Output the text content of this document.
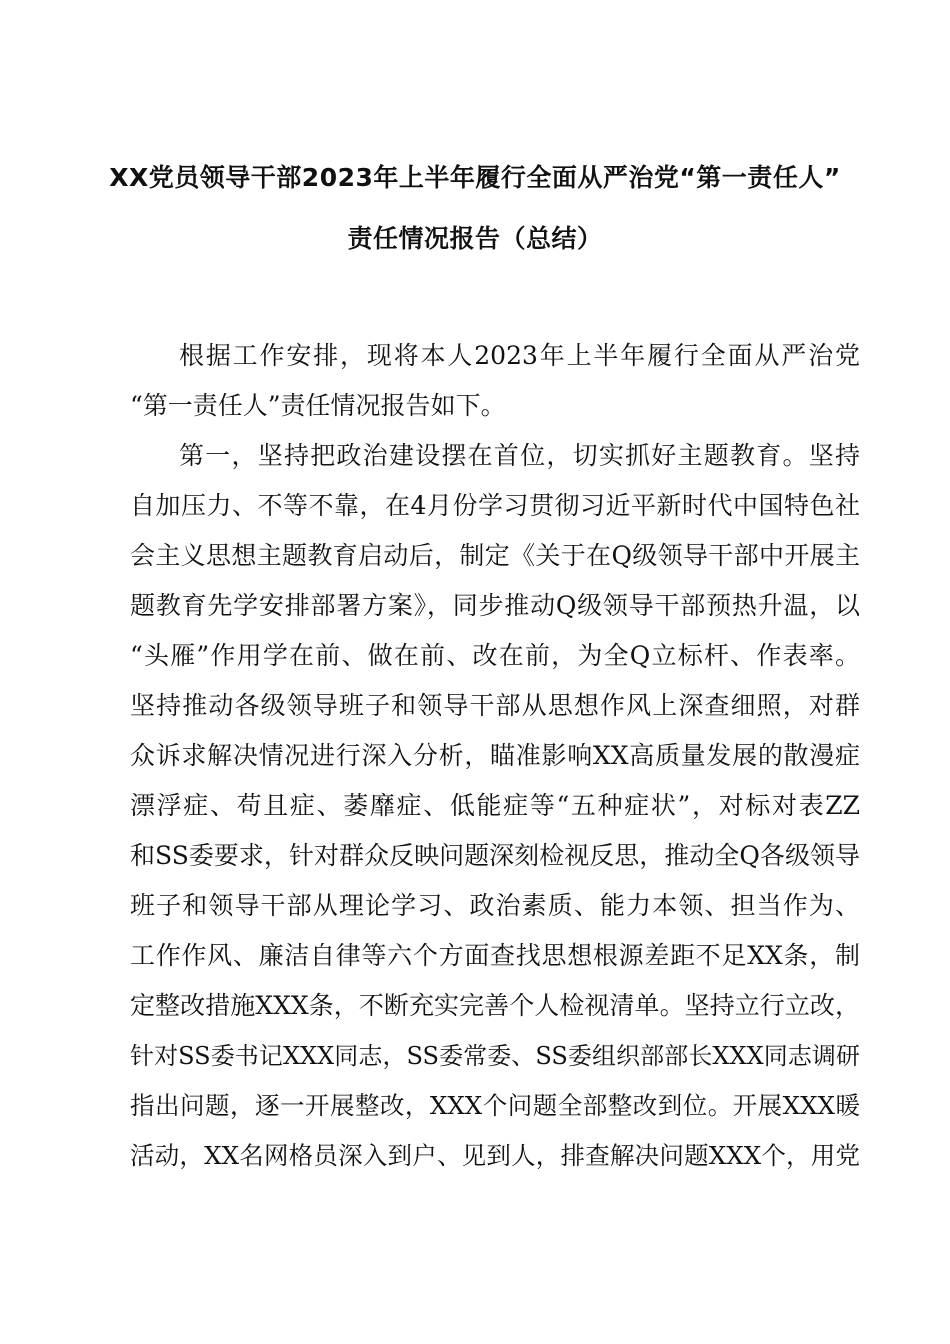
XX党员领导干部2023年上半年履行全面从严治党“第一责任人”
责任情况报告（总结）
根据工作安排，现将本人2023年上半年履行全面从严治党
“第一责任人”责任情况报告如下。
第一，坚持把政治建设摆在首位，切实抓好主题教育。坚持
自加压力、不等不靠，在4月份学习贯彻习近平新时代中国特色社
会主义思想主题教育启动后，制定《关于在Q级领导干部中开展主
题教育先学安排部署方案》，同步推动Q级领导干部预热升温，以
“头雁”作用学在前、做在前、改在前，为全Q立标杆、作表率。
坚持推动各级领导班子和领导干部从思想作风上深查细照，对群
众诉求解决情况进行深入分析，瞄准影响XX高质量发展的散漫症
漂浮症、苟且症、萎靡症、低能症等“五种症状”，对标对表ZZ
和SS委要求，针对群众反映问题深刻检视反思，推动全Q各级领导
班子和领导干部从理论学习、政治素质、能力本领、担当作为、
工作作风、廉洁自律等六个方面查找思想根源差距不足XX条，制
定整改措施XXX条，不断充实完善个人检视清单。坚持立行立改，
针对SS委书记XXX同志，SS委常委、SS委组织部部长XXX同志调研
指出问题，逐一开展整改，XXX个问题全部整改到位。开展XXX暖
活动，XX名网格员深入到户、见到人，排查解决问题XXX个，用党
